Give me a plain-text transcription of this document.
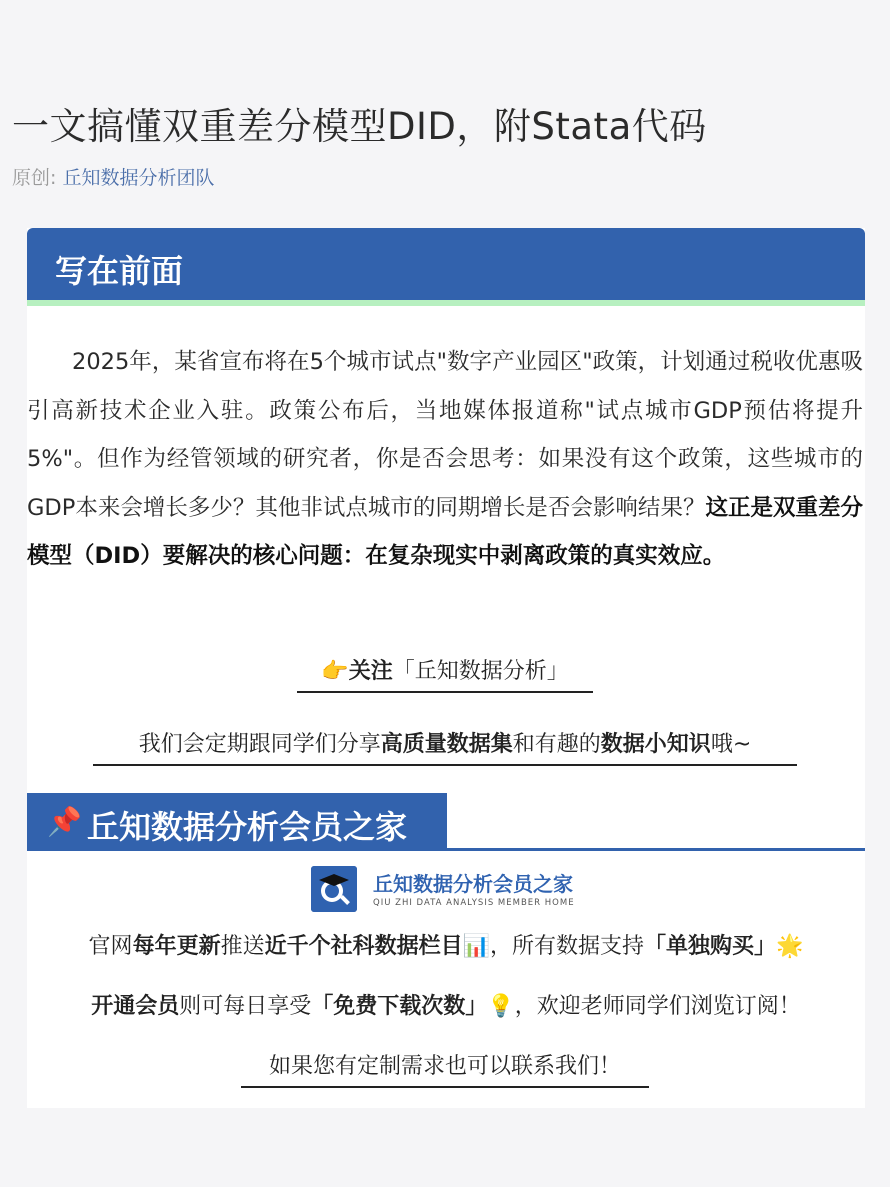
一文搞懂双重差分模型DID，附Stata代码
原创: 丘知数据分析团队
写在前面

2025年，某省宣布将在5个城市试点"数字产业园区"政策，计划通过税收优惠吸引高新技术企业入驻。政策公布后，当地媒体报道称"试点城市GDP预估将提升5%"。但作为经管领域的研究者，你是否会思考：如果没有这个政策，这些城市的GDP本来会增长多少？其他非试点城市的同期增长是否会影响结果？这正是双重差分模型（DID）要解决的核心问题：在复杂现实中剥离政策的真实效应。

👉关注「丘知数据分析」
我们会定期跟同学们分享高质量数据集和有趣的数据小知识哦~
📌 丘知数据分析会员之家
丘知数据分析会员之家
QIU ZHI DATA ANALYSIS MEMBER HOME
官网每年更新推送近千个社科数据栏目📊，所有数据支持「单独购买」🌟
开通会员则可每日享受「免费下载次数」💡，欢迎老师同学们浏览订阅！
如果您有定制需求也可以联系我们！
